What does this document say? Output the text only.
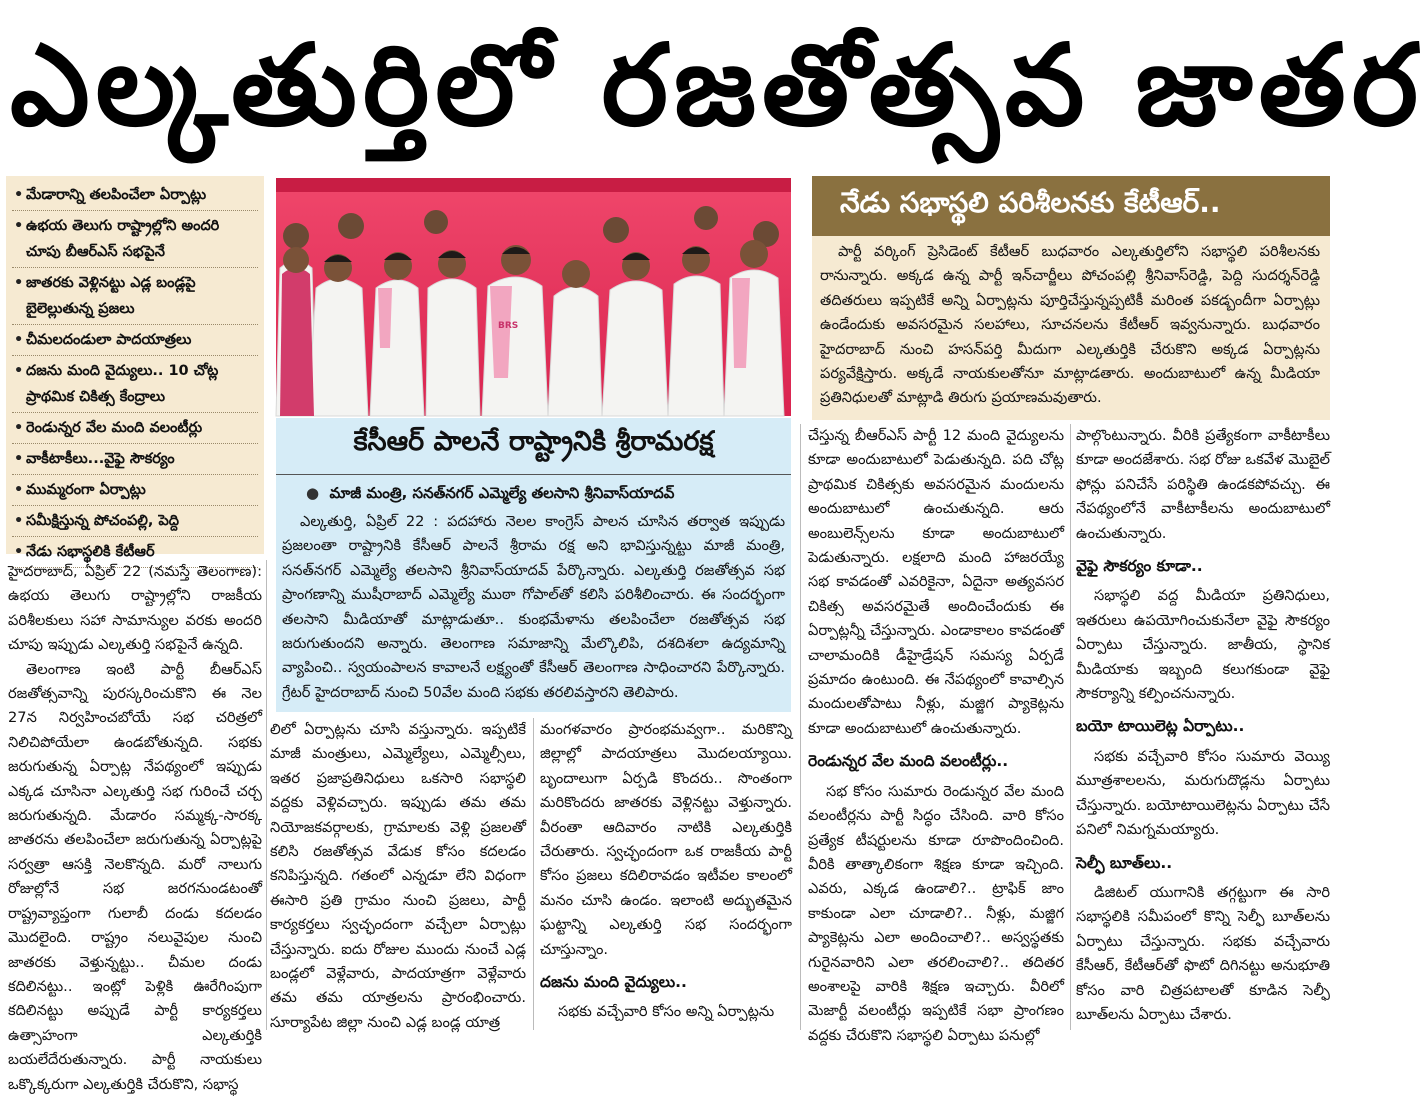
ఎల్కతుర్తిలో రజతోత్సవ జాతర
• మేడారాన్ని తలపించేలా ఏర్పాట్లు
• ఉభయ తెలుగు రాష్ట్రాల్లోని అందరి చూపు బీఆర్‌ఎస్‌ సభపైనే
• జాతరకు వెళ్లినట్టు ఎడ్ల బండ్లపై బైలెల్లుతున్న ప్రజలు
• చీమలదండులా పాదయాత్రలు
• దజను మంది వైద్యులు.. 10 చోట్ల ప్రాథమిక చికిత్స కేంద్రాలు
• రెండున్నర వేల మంది వలంటీర్లు
• వాకీటాకీలు...వైఫై సౌకర్యం
• ముమ్మరంగా ఏర్పాట్లు
• సమీక్షిస్తున్న పోచంపల్లి, పెద్ది
• నేడు సభాస్థలికి కేటీఆర్‌
BRS
కేసీఆర్‌ పాలనే రాష్ట్రానికి శ్రీరామరక్ష
●  మాజీ మంత్రి, సనత్‌నగర్‌ ఎమ్మెల్యే తలసాని శ్రీనివాస్‌యాదవ్‌

ఎల్కతుర్తి, ఏప్రిల్‌ 22 : పదహారు నెలల కాంగ్రెస్‌ పాలన చూసిన తర్వాత ఇప్పుడు ప్రజలంతా రాష్ట్రానికి కేసీఆర్‌ పాలనే శ్రీరామ రక్ష అని భావిస్తున్నట్టు మాజీ మంత్రి, సనత్‌నగర్‌ ఎమ్మెల్యే తలసాని శ్రీనివాస్‌యాదవ్‌ పేర్కొన్నారు. ఎల్కతుర్తి రజతోత్సవ సభ ప్రాంగణాన్ని ముషీరాబాద్‌ ఎమ్మెల్యే ముఠా గోపాల్‌తో కలిసి పరిశీలించారు. ఈ సందర్భంగా తలసాని మీడియాతో మాట్లాడుతూ.. కుంభమేళాను తలపించేలా రజతోత్సవ సభ జరుగుతుందని అన్నారు. తెలంగాణ సమాజాన్ని మేల్కొలిపి, దశదిశలా ఉద్యమాన్ని వ్యాపించి.. స్వయంపాలన కావాలనే లక్ష్యంతో కేసీఆర్‌ తెలంగాణ సాధించారని పేర్కొన్నారు. గ్రేటర్‌ హైదరాబాద్‌ నుంచి 50వేల మంది సభకు తరలివస్తారని తెలిపారు.

నేడు సభాస్థలి పరిశీలనకు కేటీఆర్‌..

పార్టీ వర్కింగ్‌ ప్రెసిడెంట్‌ కేటీఆర్‌ బుధవారం ఎల్కతుర్తిలోని సభాస్థలి పరిశీలనకు రానున్నారు. అక్కడ ఉన్న పార్టీ ఇన్‌చార్జీలు పోచంపల్లి శ్రీనివాస్‌రెడ్డి, పెద్ది సుదర్శన్‌రెడ్డి తదితరులు ఇప్పటికే అన్ని ఏర్పాట్లను పూర్తిచేస్తున్నప్పటికీ మరింత పకడ్బందీగా ఏర్పాట్లు ఉండేందుకు అవసరమైన సలహాలు, సూచనలను కేటీఆర్‌ ఇవ్వనున్నారు. బుధవారం హైదరాబాద్‌ నుంచి హసన్‌పర్తి మీదుగా ఎల్కతుర్తికి చేరుకొని అక్కడ ఏర్పాట్లను పర్యవేక్షిస్తారు. అక్కడే నాయకులతోనూ మాట్లాడతారు. అందుబాటులో ఉన్న మీడియా ప్రతినిధులతో మాట్లాడి తిరుగు ప్రయాణమవుతారు.

హైదరాబాద్‌, ఏప్రిల్‌ 22 (నమస్తే తెలంగాణ): ఉభయ తెలుగు రాష్ట్రాల్లోని రాజకీయ పరిశీలకులు సహా సామాన్యుల వరకు అందరి చూపు ఇప్పుడు ఎల్కతుర్తి సభపైనే ఉన్నది.

తెలంగాణ ఇంటి పార్టీ బీఆర్‌ఎస్‌ రజతోత్సవాన్ని పురస్కరించుకొని ఈ నెల 27న నిర్వహించబోయే సభ చరిత్రలో నిలిచిపోయేలా ఉండబోతున్నది. సభకు జరుగుతున్న ఏర్పాట్ల నేపథ్యంలో ఇప్పుడు ఎక్కడ చూసినా ఎల్కతుర్తి సభ గురించే చర్చ జరుగుతున్నది. మేడారం సమ్మక్క-సారక్క జాతరను తలపించేలా జరుగుతున్న ఏర్పాట్లపై సర్వత్రా ఆసక్తి నెలకొన్నది. మరో నాలుగు రోజుల్లోనే సభ జరగనుండటంతో రాష్ట్రవ్యాప్తంగా గులాబీ దండు కదలడం మొదలైంది. రాష్ట్రం నలువైపుల నుంచి జాతరకు వెళ్తున్నట్టు.. చీమల దండు కదిలినట్టు.. ఇంట్లో పెళ్లికి ఊరేగింపుగా కదిలినట్టు అప్పుడే పార్టీ కార్యకర్తలు ఉత్సాహంగా ఎల్కతుర్తికి బయలేదేరుతున్నారు. పార్టీ నాయకులు ఒక్కొక్కరుగా ఎల్కతుర్తికి చేరుకొని, సభాస్థ

లిలో ఏర్పాట్లను చూసి వస్తున్నారు. ఇప్పటికే మాజీ మంత్రులు, ఎమ్మెల్యేలు, ఎమ్మెల్సీలు, ఇతర ప్రజాప్రతినిధులు ఒకసారి సభాస్థలి వద్దకు వెళ్లివచ్చారు. ఇప్పుడు తమ తమ నియోజకవర్గాలకు, గ్రామాలకు వెళ్లి ప్రజలతో కలిసి రజతోత్సవ వేడుక కోసం కదలడం కనిపిస్తున్నది. గతంలో ఎన్నడూ లేని విధంగా ఈసారి ప్రతి గ్రామం నుంచి ప్రజలు, పార్టీ కార్యకర్తలు స్వచ్ఛందంగా వచ్చేలా ఏర్పాట్లు చేస్తున్నారు. ఐదు రోజుల ముందు నుంచే ఎడ్ల బండ్లలో వెళ్లేవారు, పాదయాత్రగా వెళ్లేవారు తమ తమ యాత్రలను ప్రారంభించారు. సూర్యాపేట జిల్లా నుంచి ఎడ్ల బండ్ల యాత్ర

మంగళవారం ప్రారంభమవ్వగా.. మరికొన్ని జిల్లాల్లో పాదయాత్రలు మొదలయ్యాయి. బృందాలుగా ఏర్పడి కొందరు.. సొంతంగా మరికొందరు జాతరకు వెళ్లినట్టు వెళ్తున్నారు. వీరంతా ఆదివారం నాటికి ఎల్కతుర్తికి చేరుతారు. స్వచ్ఛందంగా ఒక రాజకీయ పార్టీ కోసం ప్రజలు కదిలిరావడం ఇటీవల కాలంలో మనం చూసి ఉండం. ఇలాంటి అద్భుతమైన ఘట్టాన్ని ఎల్కతుర్తి సభ సందర్భంగా చూస్తున్నాం.

దజను మంది వైద్యులు..

సభకు వచ్చేవారి కోసం అన్ని ఏర్పాట్లను

చేస్తున్న బీఆర్‌ఎస్‌ పార్టీ 12 మంది వైద్యులను కూడా అందుబాటులో పెడుతున్నది. పది చోట్ల ప్రాథమిక చికిత్సకు అవసరమైన మందులను అందుబాటులో ఉంచుతున్నది. ఆరు అంబులెన్స్‌లను కూడా అందుబాటులో పెడుతున్నారు. లక్షలాది మంది హాజరయ్యే సభ కావడంతో ఎవరికైనా, ఏదైనా అత్యవసర చికిత్స అవసరమైతే అందించేందుకు ఈ ఏర్పాట్లన్నీ చేస్తున్నారు. ఎండాకాలం కావడంతో చాలామందికి డీహైడ్రేషన్‌ సమస్య ఏర్పడే ప్రమాదం ఉంటుంది. ఈ నేపథ్యంలో కావాల్సిన మందులతోపాటు నీళ్లు, మజ్జిగ ప్యాకెట్లను కూడా అందుబాటులో ఉంచుతున్నారు.

రెండున్నర వేల మంది వలంటీర్లు..

సభ కోసం సుమారు రెండున్నర వేల మంది వలంటీర్లను పార్టీ సిద్ధం చేసింది. వారి కోసం ప్రత్యేక టీషర్టులను కూడా రూపొందించింది. వీరికి తాత్కాలికంగా శిక్షణ కూడా ఇచ్చింది. ఎవరు, ఎక్కడ ఉండాలి?.. ట్రాఫిక్‌ జాం కాకుండా ఎలా చూడాలి?.. నీళ్లు, మజ్జిగ ప్యాకెట్లను ఎలా అందించాలి?.. అస్వస్థతకు గురైనవారిని ఎలా తరలించాలి?.. తదితర అంశాలపై వారికి శిక్షణ ఇచ్చారు. వీరిలో మెజార్టీ వలంటీర్లు ఇప్పటికే సభా ప్రాంగణం వద్దకు చేరుకొని సభాస్థలి ఏర్పాటు పనుల్లో

పాల్గొంటున్నారు. వీరికి ప్రత్యేకంగా వాకీటాకీలు కూడా అందజేశారు. సభ రోజు ఒకవేళ మొబైల్‌ ఫోన్లు పనిచేసే పరిస్థితి ఉండకపోవచ్చు. ఈ నేపథ్యంలోనే వాకీటాకీలను అందుబాటులో ఉంచుతున్నారు.

వైఫై సౌకర్యం కూడా..

సభాస్థలి వద్ద మీడియా ప్రతినిధులు, ఇతరులు ఉపయోగించుకునేలా వైఫై సౌకర్యం ఏర్పాటు చేస్తున్నారు. జాతీయ, స్థానిక మీడియాకు ఇబ్బంది కలుగకుండా వైఫై సౌకర్యాన్ని కల్పించనున్నారు.

బయో టాయిలెట్ల ఏర్పాటు..

సభకు వచ్చేవారి కోసం సుమారు వెయ్యి మూత్రశాలలను, మరుగుదొడ్లను ఏర్పాటు చేస్తున్నారు. బయోటాయిలెట్లను ఏర్పాటు చేసే పనిలో నిమగ్నమయ్యారు.

సెల్ఫీ బూత్‌లు..

డిజిటల్‌ యుగానికి తగ్గట్టుగా ఈ సారి సభాస్థలికి సమీపంలో కొన్ని సెల్ఫీ బూత్‌లను ఏర్పాటు చేస్తున్నారు. సభకు వచ్చేవారు కేసీఆర్‌, కేటీఆర్‌తో ఫొటో దిగినట్టు అనుభూతి కోసం వారి చిత్రపటాలతో కూడిన సెల్ఫీ బూత్‌లను ఏర్పాటు చేశారు.
